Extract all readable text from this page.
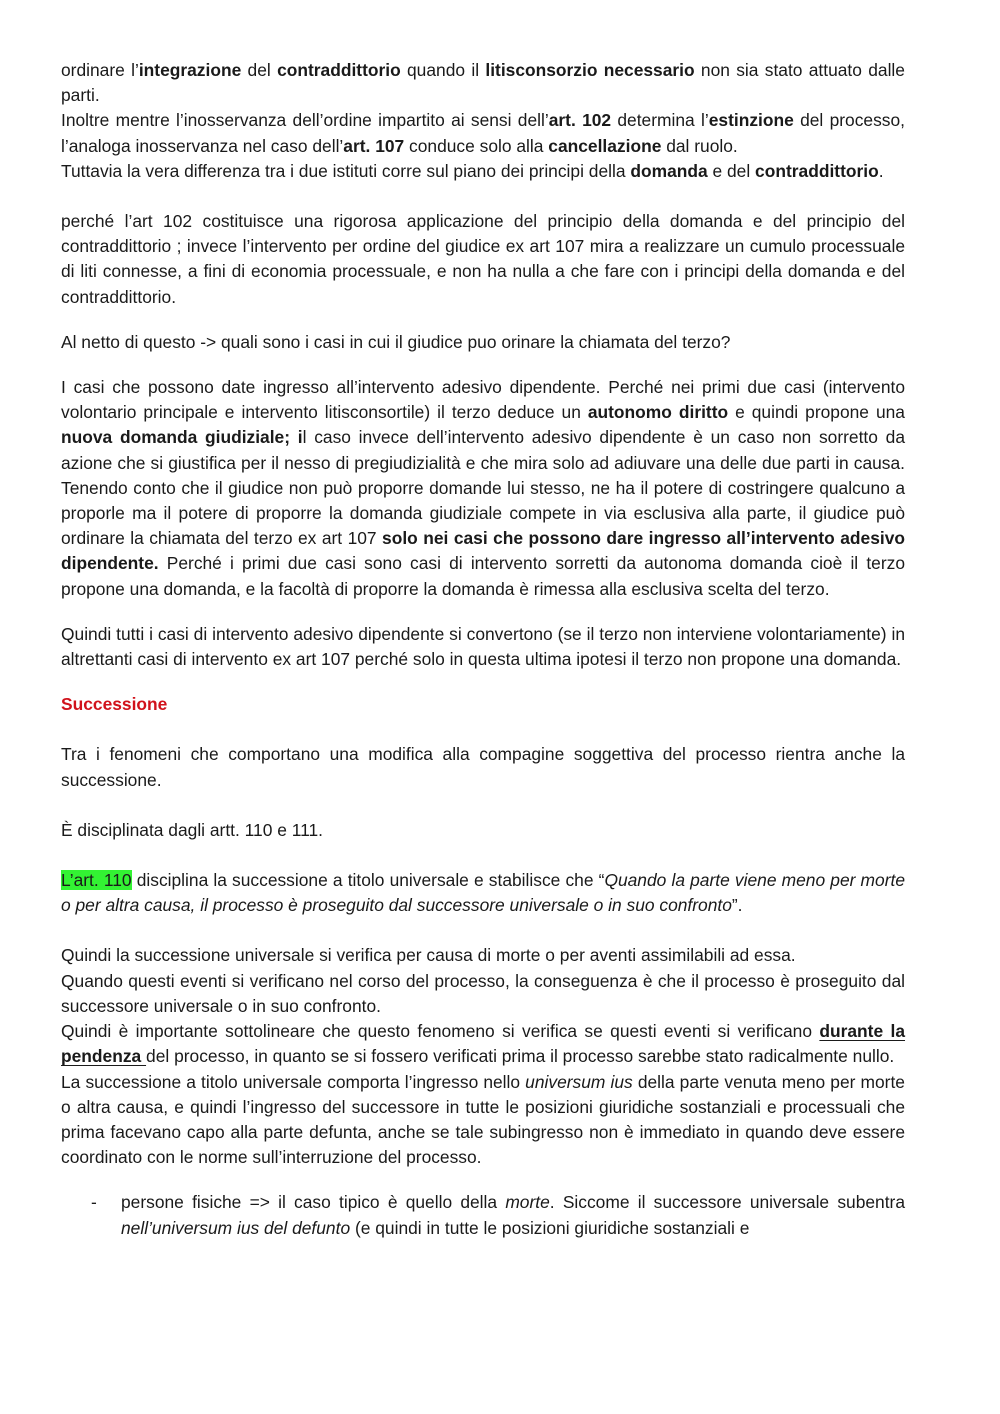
ordinare l’integrazione del contraddittorio quando il litisconsorzio necessario non sia stato attuato dalle parti.

Inoltre mentre l’inosservanza dell’ordine impartito ai sensi dell’art. 102 determina l’estinzione del processo, l’analoga inosservanza nel caso dell’art. 107 conduce solo alla cancellazione dal ruolo.

Tuttavia la vera differenza tra i due istituti corre sul piano dei principi della domanda e del contraddittorio.

perché l’art 102 costituisce una rigorosa applicazione del principio della domanda e del principio del contraddittorio ; invece l’intervento per ordine del giudice ex art 107 mira a realizzare un cumulo processuale di liti connesse, a fini di economia processuale, e non ha nulla a che fare con i principi della domanda e del contraddittorio.

Al netto di questo -> quali sono i casi in cui il giudice puo orinare la chiamata del terzo?

I casi che possono date ingresso all’intervento adesivo dipendente. Perché nei primi due casi (intervento volontario principale e intervento litisconsortile) il terzo deduce un autonomo diritto e quindi propone una nuova domanda giudiziale; il caso invece dell’intervento adesivo dipendente è un caso non sorretto da azione che si giustifica per il nesso di pregiudizialità e che mira solo ad adiuvare una delle due parti in causa. Tenendo conto che il giudice non può proporre domande lui stesso, ne ha il potere di costringere qualcuno a proporle ma il potere di proporre la domanda giudiziale compete in via esclusiva alla parte, il giudice può ordinare la chiamata del terzo ex art 107 solo nei casi che possono dare ingresso all’intervento adesivo dipendente. Perché i primi due casi sono casi di intervento sorretti da autonoma domanda cioè il terzo propone una domanda, e la facoltà di proporre la domanda è rimessa alla esclusiva scelta del terzo.

Quindi tutti i casi di intervento adesivo dipendente si convertono (se il terzo non interviene volontariamente) in altrettanti casi di intervento ex art 107 perché solo in questa ultima ipotesi il terzo non propone una domanda.

Successione

Tra i fenomeni che comportano una modifica alla compagine soggettiva del processo rientra anche la successione.

È disciplinata dagli artt. 110 e 111.

L’art. 110 disciplina la successione a titolo universale e stabilisce che “Quando la parte viene meno per morte o per altra causa, il processo è proseguito dal successore universale o in suo confronto”.

Quindi la successione universale si verifica per causa di morte o per aventi assimilabili ad essa.

Quando questi eventi si verificano nel corso del processo, la conseguenza è che il processo è proseguito dal successore universale o in suo confronto.

Quindi è importante sottolineare che questo fenomeno si verifica se questi eventi si verificano durante la pendenza del processo, in quanto se si fossero verificati prima il processo sarebbe stato radicalmente nullo.

La successione a titolo universale comporta l’ingresso nello universum ius della parte venuta meno per morte o altra causa, e quindi l’ingresso del successore in tutte le posizioni giuridiche sostanziali e processuali che prima facevano capo alla parte defunta, anche se tale subingresso non è immediato in quando deve essere coordinato con le norme sull’interruzione del processo.

- persone fisiche => il caso tipico è quello della morte. Siccome il successore universale subentra nell’universum ius del defunto (e quindi in tutte le posizioni giuridiche sostanziali e
